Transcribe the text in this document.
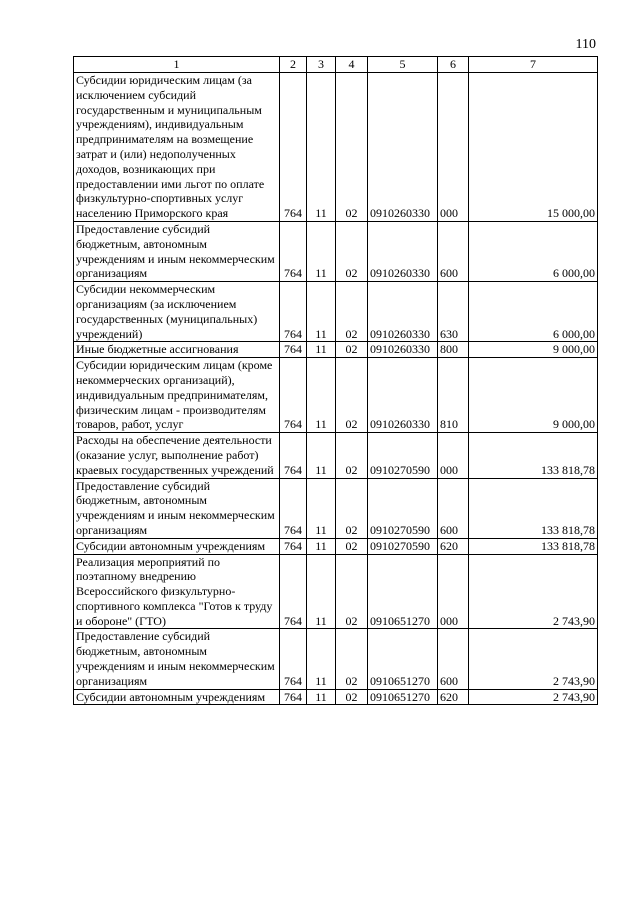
110
1	2	3	4	5	6	7
Субсидии юридическим лицам (за исключением субсидий государственным и муниципальным учреждениям), индивидуальным предпринимателям на возмещение затрат и (или) недополученных доходов, возникающих при предоставлении ими льгот по оплате физкультурно-спортивных услуг населению Приморского края	764	11	02	0910260330	000	15 000,00
Предоставление субсидий бюджетным, автономным учреждениям и иным некоммерческим организациям	764	11	02	0910260330	600	6 000,00
Субсидии некоммерческим организациям (за исключением государственных (муниципальных) учреждений)	764	11	02	0910260330	630	6 000,00
Иные бюджетные ассигнования	764	11	02	0910260330	800	9 000,00
Субсидии юридическим лицам (кроме некоммерческих организаций), индивидуальным предпринимателям, физическим лицам - производителям товаров, работ, услуг	764	11	02	0910260330	810	9 000,00
Расходы на обеспечение деятельности (оказание услуг, выполнение работ) краевых государственных учреждений	764	11	02	0910270590	000	133 818,78
Предоставление субсидий бюджетным, автономным учреждениям и иным некоммерческим организациям	764	11	02	0910270590	600	133 818,78
Субсидии автономным учреждениям	764	11	02	0910270590	620	133 818,78
Реализация мероприятий по поэтапному внедрению Всероссийского физкультурно-спортивного комплекса "Готов к труду и обороне" (ГТО)	764	11	02	0910651270	000	2 743,90
Предоставление субсидий бюджетным, автономным учреждениям и иным некоммерческим организациям	764	11	02	0910651270	600	2 743,90
Субсидии автономным учреждениям	764	11	02	0910651270	620	2 743,90
